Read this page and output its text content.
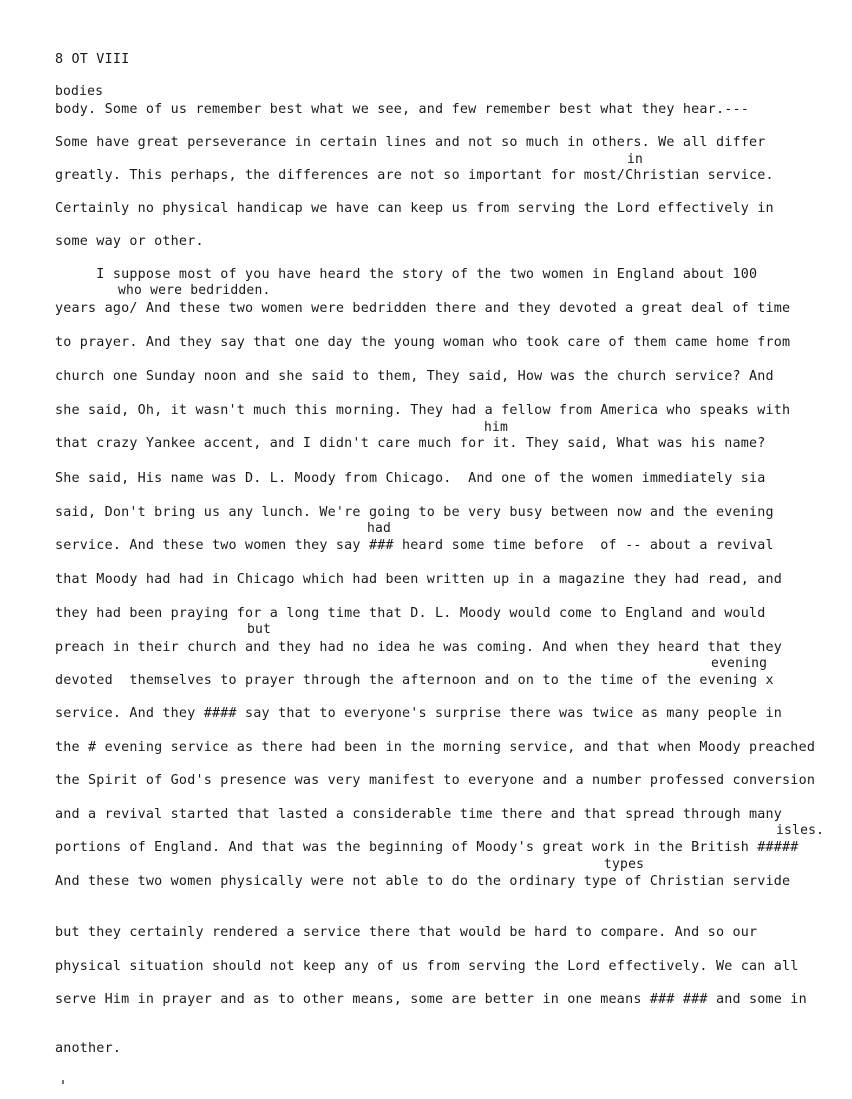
8 OT VIII
bodies
body. Some of us remember best what we see, and few remember best what they hear.---
Some have great perseverance in certain lines and not so much in others. We all differ
in
greatly. This perhaps, the differences are not so important for most/Christian service.
Certainly no physical handicap we have can keep us from serving the Lord effectively in
some way or other.
I suppose most of you have heard the story of the two women in England about 100
who were bedridden.
years ago/ And these two women were bedridden there and they devoted a great deal of time
to prayer. And they say that one day the young woman who took care of them came home from
church one Sunday noon and she said to them, They said, How was the church service? And
she said, Oh, it wasn't much this morning. They had a fellow from America who speaks with
him
that crazy Yankee accent, and I didn't care much for it. They said, What was his name?
She said, His name was D. L. Moody from Chicago.  And one of the women immediately sia
said, Don't bring us any lunch. We're going to be very busy between now and the evening
had
service. And these two women they say ### heard some time before  of -- about a revival
that Moody had had in Chicago which had been written up in a magazine they had read, and
they had been praying for a long time that D. L. Moody would come to England and would
but
preach in their church and they had no idea he was coming. And when they heard that they
evening
devoted  themselves to prayer through the afternoon and on to the time of the evening x
service. And they #### say that to everyone's surprise there was twice as many people in
the # evening service as there had been in the morning service, and that when Moody preached
the Spirit of God's presence was very manifest to everyone and a number professed conversion
and a revival started that lasted a considerable time there and that spread through many
isles.
portions of England. And that was the beginning of Moody's great work in the British #####
types
And these two women physically were not able to do the ordinary type of Christian servide
but they certainly rendered a service there that would be hard to compare. And so our
physical situation should not keep any of us from serving the Lord effectively. We can all
serve Him in prayer and as to other means, some are better in one means ### ### and some in
another.
